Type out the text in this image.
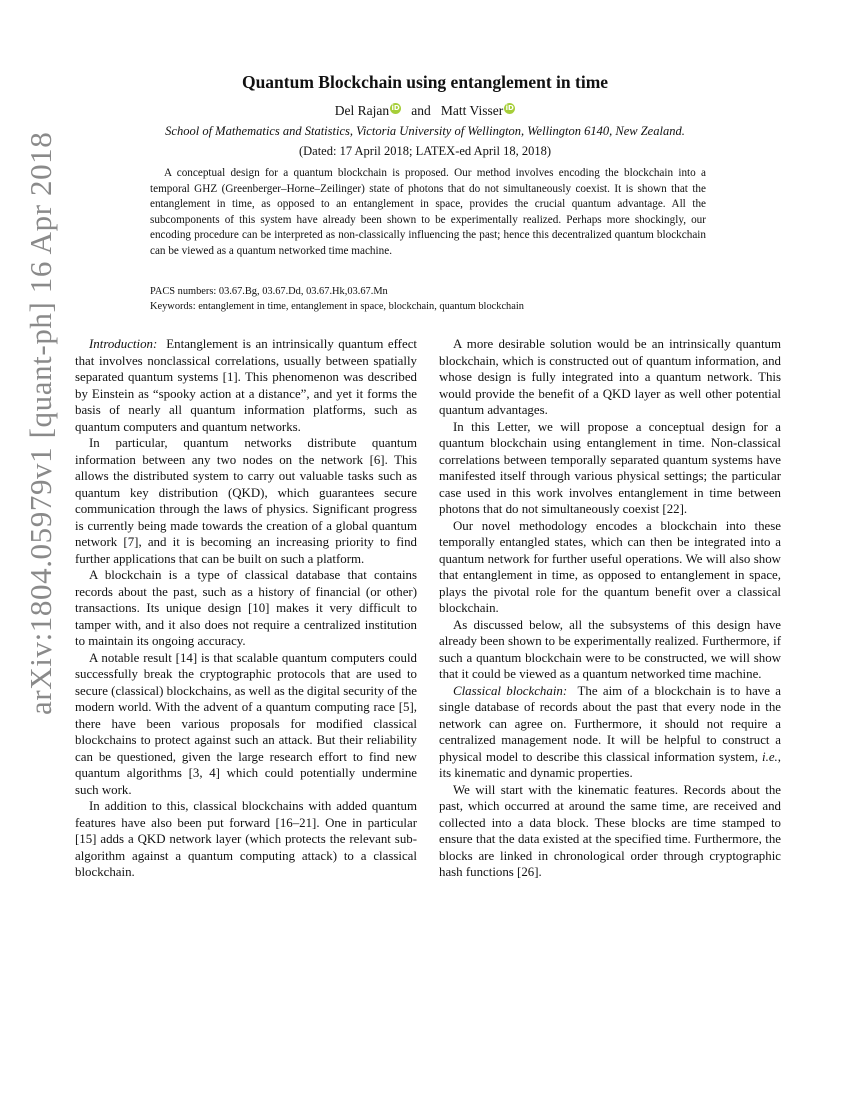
arXiv:1804.05979v1 [quant-ph] 16 Apr 2018
Quantum Blockchain using entanglement in time
Del Rajan iD and Matt Visser iD
School of Mathematics and Statistics, Victoria University of Wellington, Wellington 6140, New Zealand.
(Dated: 17 April 2018; LATEX-ed April 18, 2018)
A conceptual design for a quantum blockchain is proposed. Our method involves encoding the blockchain into a temporal GHZ (Greenberger–Horne–Zeilinger) state of photons that do not simultaneously coexist. It is shown that the entanglement in time, as opposed to an entanglement in space, provides the crucial quantum advantage. All the subcomponents of this system have already been shown to be experimentally realized. Perhaps more shockingly, our encoding procedure can be interpreted as non-classically influencing the past; hence this decentralized quantum blockchain can be viewed as a quantum networked time machine.
PACS numbers: 03.67.Bg, 03.67.Dd, 03.67.Hk,03.67.Mn
Keywords: entanglement in time, entanglement in space, blockchain, quantum blockchain

Introduction: Entanglement is an intrinsically quantum effect that involves nonclassical correlations, usually between spatially separated quantum systems [1]. This phenomenon was described by Einstein as “spooky action at a distance”, and yet it forms the basis of nearly all quantum information platforms, such as quantum computers and quantum networks.

In particular, quantum networks distribute quantum information between any two nodes on the network [6]. This allows the distributed system to carry out valuable tasks such as quantum key distribution (QKD), which guarantees secure communication through the laws of physics. Significant progress is currently being made towards the creation of a global quantum network [7], and it is becoming an increasing priority to find further applications that can be built on such a platform.

A blockchain is a type of classical database that contains records about the past, such as a history of financial (or other) transactions. Its unique design [10] makes it very difficult to tamper with, and it also does not require a centralized institution to maintain its ongoing accuracy.

A notable result [14] is that scalable quantum computers could successfully break the cryptographic protocols that are used to secure (classical) blockchains, as well as the digital security of the modern world. With the advent of a quantum computing race [5], there have been various proposals for modified classical blockchains to protect against such an attack. But their reliability can be questioned, given the large research effort to find new quantum algorithms [3, 4] which could potentially undermine such work.

In addition to this, classical blockchains with added quantum features have also been put forward [16–21]. One in particular [15] adds a QKD network layer (which protects the relevant sub-algorithm against a quantum computing attack) to a classical blockchain.

A more desirable solution would be an intrinsically quantum blockchain, which is constructed out of quantum information, and whose design is fully integrated into a quantum network. This would provide the benefit of a QKD layer as well other potential quantum advantages.

In this Letter, we will propose a conceptual design for a quantum blockchain using entanglement in time. Non-classical correlations between temporally separated quantum systems have manifested itself through various physical settings; the particular case used in this work involves entanglement in time between photons that do not simultaneously coexist [22].

Our novel methodology encodes a blockchain into these temporally entangled states, which can then be integrated into a quantum network for further useful operations. We will also show that entanglement in time, as opposed to entanglement in space, plays the pivotal role for the quantum benefit over a classical blockchain.

As discussed below, all the subsystems of this design have already been shown to be experimentally realized. Furthermore, if such a quantum blockchain were to be constructed, we will show that it could be viewed as a quantum networked time machine.

Classical blockchain: The aim of a blockchain is to have a single database of records about the past that every node in the network can agree on. Furthermore, it should not require a centralized management node. It will be helpful to construct a physical model to describe this classical information system, i.e., its kinematic and dynamic properties.

We will start with the kinematic features. Records about the past, which occurred at around the same time, are received and collected into a data block. These blocks are time stamped to ensure that the data existed at the specified time. Furthermore, the blocks are linked in chronological order through cryptographic hash functions [26].
